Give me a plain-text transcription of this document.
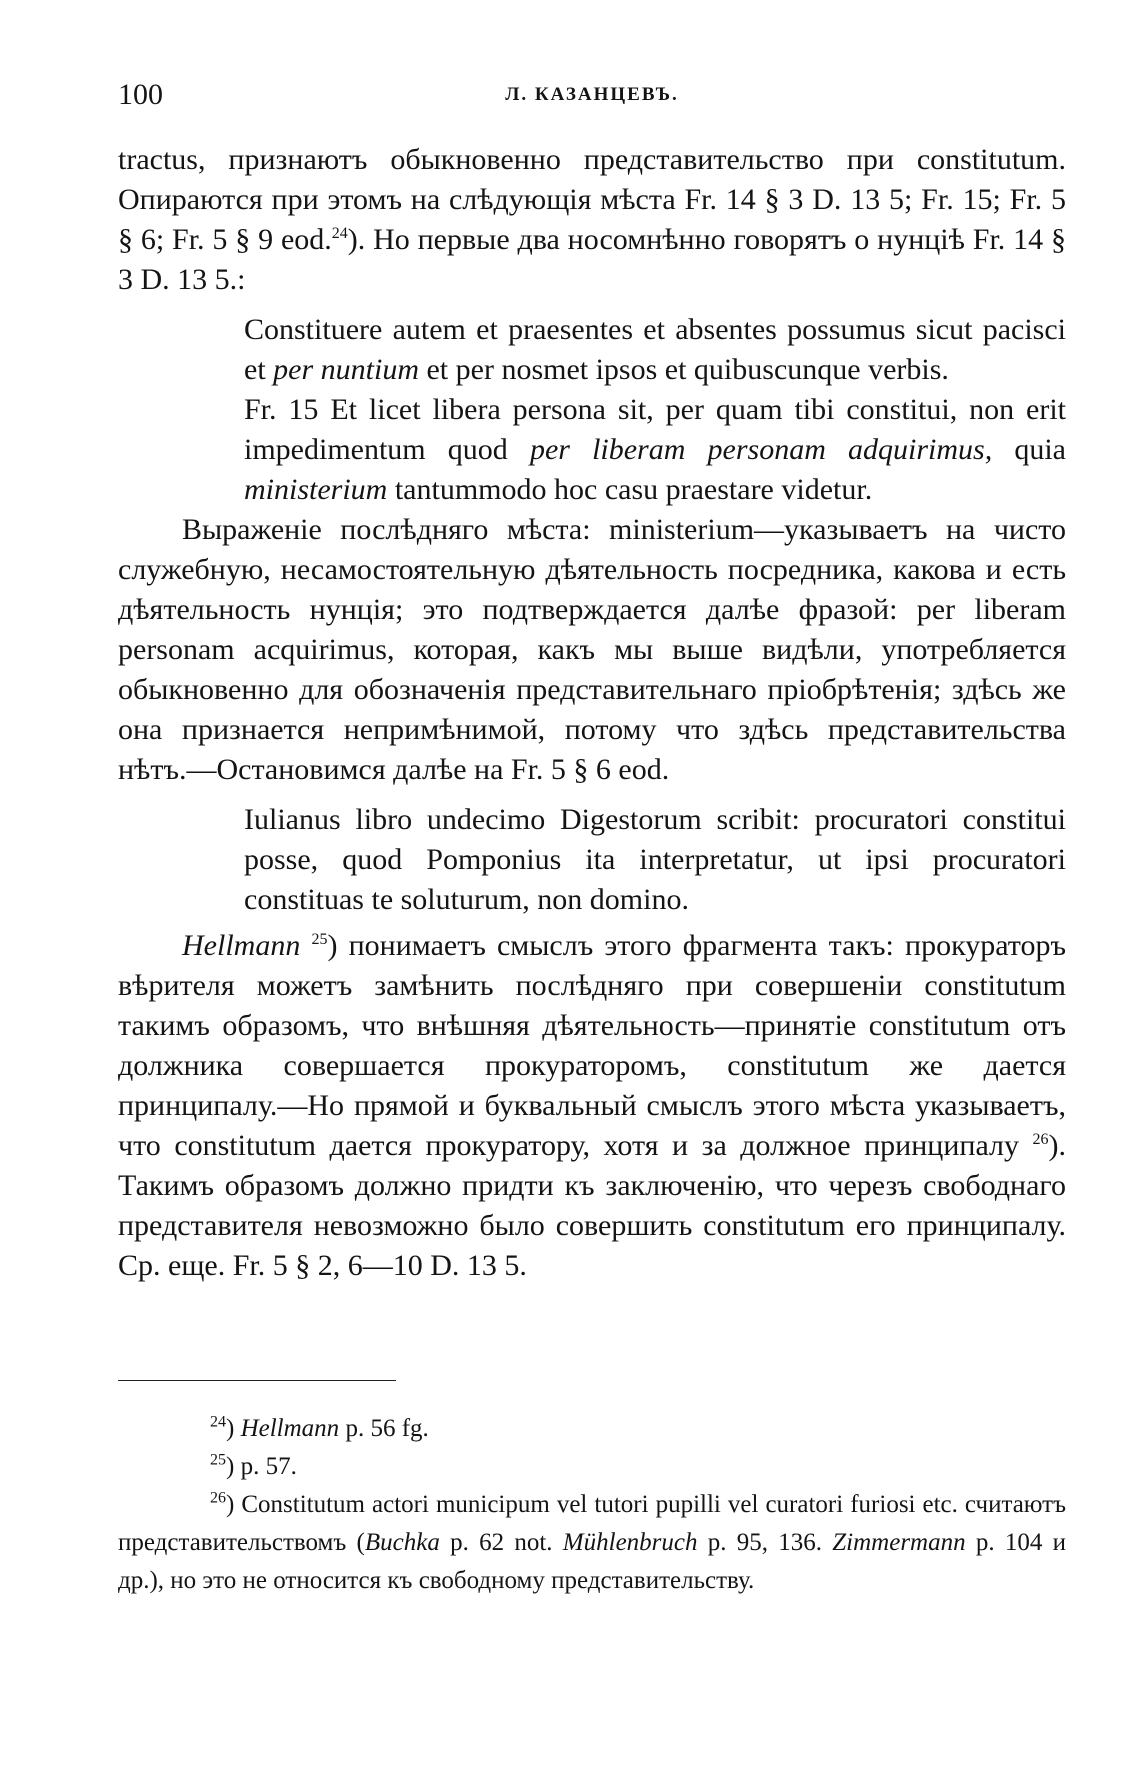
100	Л. КАЗАНЦЕВЪ.

tractus, признаютъ обыкновенно представительство при constitutum. Опираются при этомъ на слѣдующія мѣста Fr. 14 § 3 D. 13 5; Fr. 15; Fr. 5 § 6; Fr. 5 § 9 eod.$^{24}$). Но первые два носомнѣнно говорятъ о нунціѣ Fr. 14 § 3 D. 13 5.:

Constituere autem et praesentes et absentes possumus sicut pacisci et per nuntium et per nosmet ipsos et quibuscunque verbis.

Fr. 15 Et licet libera persona sit, per quam tibi constitui, non erit impedimentum quod per liberam personam adquirimus, quia ministerium tantummodo hoc casu praestare videtur.

Выраженіе послѣдняго мѣста: ministerium—указываетъ на чисто служебную, несамостоятельную дѣятельность посредника, какова и есть дѣятельность нунція; это подтверждается далѣе фразой: per liberam personam acquirimus, которая, какъ мы выше видѣли, употребляется обыкновенно для обозначенія представительнаго пріобрѣтенія; здѣсь же она признается непримѣнимой, потому что здѣсь представительства нѣтъ.—Остановимся далѣе на Fr. 5 § 6 eod.

Iulianus libro undecimo Digestorum scribit: procuratori constitui posse, quod Pomponius ita interpretatur, ut ipsi procuratori constituas te soluturum, non domino.

Hellmann $^{25}$) понимаетъ смыслъ этого фрагмента такъ: прокураторъ вѣрителя можетъ замѣнить послѣдняго при совершеніи constitutum такимъ образомъ, что внѣшняя дѣятельность—принятіе constitutum отъ должника совершается прокураторомъ, constitutum же дается принципалу.—Но прямой и буквальный смыслъ этого мѣста указываетъ, что constitutum дается прокуратору, хотя и за должное принципалу $^{26}$). Такимъ образомъ должно придти къ заключенію, что черезъ свободнаго представителя невозможно было совершить constitutum его принципалу. Ср. еще. Fr. 5 § 2, 6—10 D. 13 5.

$^{24}$) Hellmann p. 56 fg.

$^{25}$) p. 57.

$^{26}$) Constitutum actori municipum vel tutori pupilli vel curatori furiosi etc. считаютъ представительствомъ (Buchka p. 62 not. Mühlenbruch p. 95, 136. Zimmermann p. 104 и др.), но это не относится къ свободному представительству.
